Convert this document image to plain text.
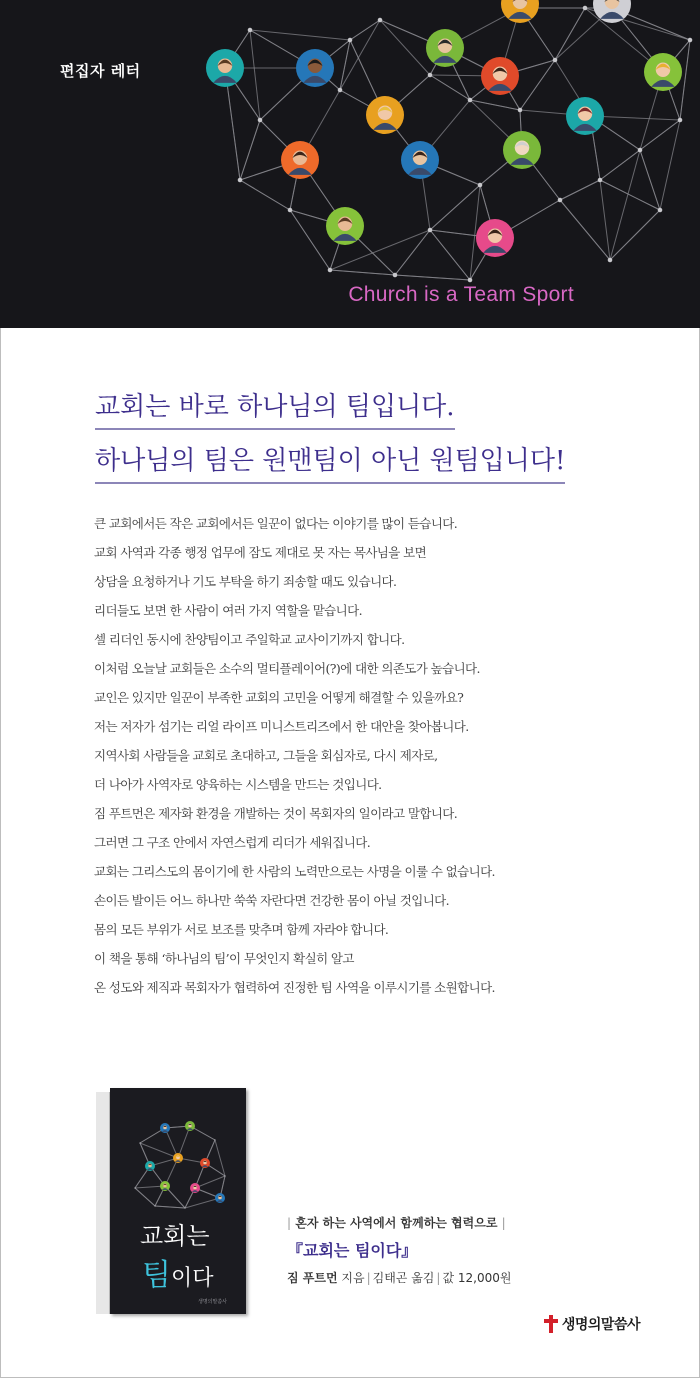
편집자 레터
Church is a Team Sport
교회는 바로 하나님의 팀입니다.
하나님의 팀은 원맨팀이 아닌 원팀입니다!

큰 교회에서든 작은 교회에서든 일꾼이 없다는 이야기를 많이 듣습니다.

교회 사역과 각종 행정 업무에 잠도 제대로 못 자는 목사님을 보면

상담을 요청하거나 기도 부탁을 하기 죄송할 때도 있습니다.

리더들도 보면 한 사람이 여러 가지 역할을 맡습니다.

셀 리더인 동시에 찬양팀이고 주일학교 교사이기까지 합니다.

이처럼 오늘날 교회들은 소수의 멀티플레이어(?)에 대한 의존도가 높습니다.

교인은 있지만 일꾼이 부족한 교회의 고민을 어떻게 해결할 수 있을까요?

저는 저자가 섬기는 리얼 라이프 미니스트리즈에서 한 대안을 찾아봅니다.

지역사회 사람들을 교회로 초대하고, 그들을 회심자로, 다시 제자로,

더 나아가 사역자로 양육하는 시스템을 만드는 것입니다.

짐 푸트먼은 제자화 환경을 개발하는 것이 목회자의 일이라고 말합니다.

그러면 그 구조 안에서 자연스럽게 리더가 세워집니다.

교회는 그리스도의 몸이기에 한 사람의 노력만으로는 사명을 이룰 수 없습니다.

손이든 발이든 어느 하나만 쑥쑥 자란다면 건강한 몸이 아닐 것입니다.

몸의 모든 부위가 서로 보조를 맞추며 함께 자라야 합니다.

이 책을 통해 ‘하나님의 팀’이 무엇인지 확실히 알고

온 성도와 제직과 목회자가 협력하여 진정한 팀 사역을 이루시기를 소원합니다.

교회는
팀이다
생명의말씀사
| 혼자 하는 사역에서 함께하는 협력으로 |
『교회는 팀이다』
짐 푸트먼 지음 | 김태곤 옮김 | 값 12,000원
생명의말씀사
